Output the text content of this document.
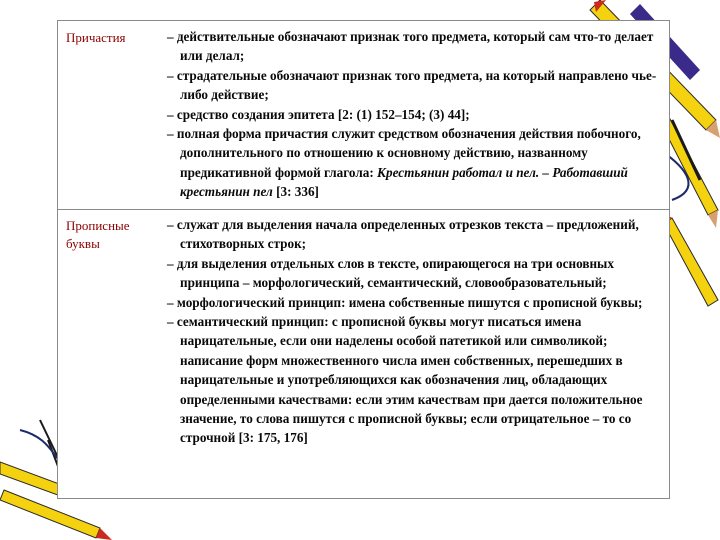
Причастия	– действительные обозначают признак того предмета, который сам что-то делает или делал;
– страдательные обозначают признак того предмета, на который направлено чье-либо действие;
– средство создания эпитета [2: (1) 152–154; (3) 44];
– полная форма причастия служит средством обозначения действия побочного, дополнительного по отношению к основному действию, названному предикативной формой глагола: Крестьянин работал и пел. – Работавший крестьянин пел [3: 336]
Прописные буквы
– служат для выделения начала определенных отрезков текста – предложений, стихотворных строк;
– для выделения отдельных слов в тексте, опирающегося на три основных принципа – морфологический, семантический, словообразовательный;
– морфологический принцип: имена собственные пишутся с прописной буквы;
– семантический принцип: с прописной буквы могут писаться имена нарицательные, если они наделены особой патетикой или символикой; написание форм множественного числа имен собственных, перешедших в нарицательные и употребляющихся как обозначения лиц, обладающих определенными качествами: если этим качествам при дается положительное значение, то слова пишутся с прописной буквы; если отрицательное – то со строчной [3: 175, 176]
